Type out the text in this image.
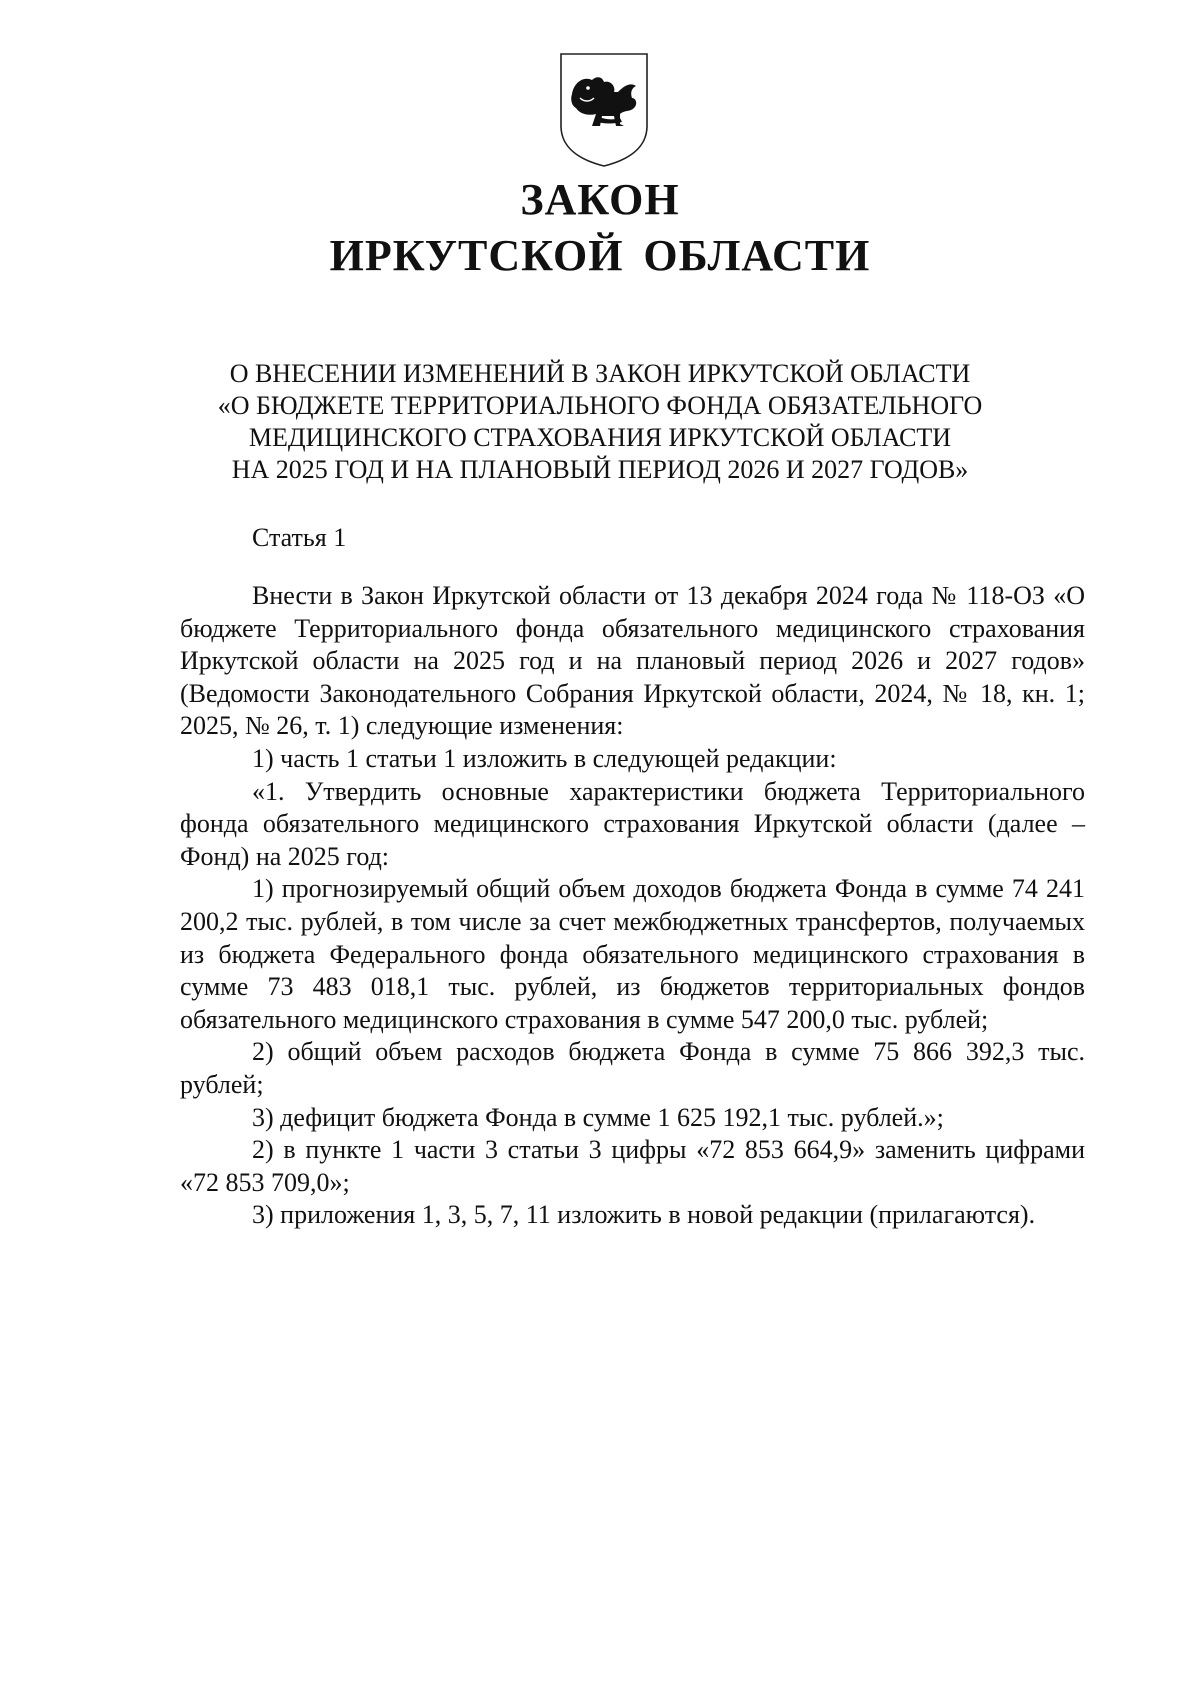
ЗАКОН
ИРКУТСКОЙ ОБЛАСТИ
О ВНЕСЕНИИ ИЗМЕНЕНИЙ В ЗАКОН ИРКУТСКОЙ ОБЛАСТИ
«О БЮДЖЕТЕ ТЕРРИТОРИАЛЬНОГО ФОНДА ОБЯЗАТЕЛЬНОГО
МЕДИЦИНСКОГО СТРАХОВАНИЯ ИРКУТСКОЙ ОБЛАСТИ
НА 2025 ГОД И НА ПЛАНОВЫЙ ПЕРИОД 2026 И 2027 ГОДОВ»
Статья 1

Внести в Закон Иркутской области от 13 декабря 2024 года № 118-ОЗ «О бюджете Территориального фонда обязательного медицинского страхования Иркутской области на 2025 год и на плановый период 2026 и 2027 годов» (Ведомости Законодательного Собрания Иркутской области, 2024, № 18, кн. 1; 2025, № 26, т. 1) следующие изменения:

1) часть 1 статьи 1 изложить в следующей редакции:

«1. Утвердить основные характеристики бюджета Территориального фонда обязательного медицинского страхования Иркутской области (далее – Фонд) на 2025 год:

1) прогнозируемый общий объем доходов бюджета Фонда в сумме 74 241 200,2 тыс. рублей, в том числе за счет межбюджетных трансфертов, получаемых из бюджета Федерального фонда обязательного медицинского страхования в сумме 73 483 018,1 тыс. рублей, из бюджетов территориальных фондов обязательного медицинского страхования в сумме 547 200,0 тыс. рублей;

2) общий объем расходов бюджета Фонда в сумме 75 866 392,3 тыс. рублей;

3) дефицит бюджета Фонда в сумме 1 625 192,1 тыс. рублей.»;

2) в пункте 1 части 3 статьи 3 цифры «72 853 664,9» заменить цифрами «72 853 709,0»;

3) приложения 1, 3, 5, 7, 11 изложить в новой редакции (прилагаются).
